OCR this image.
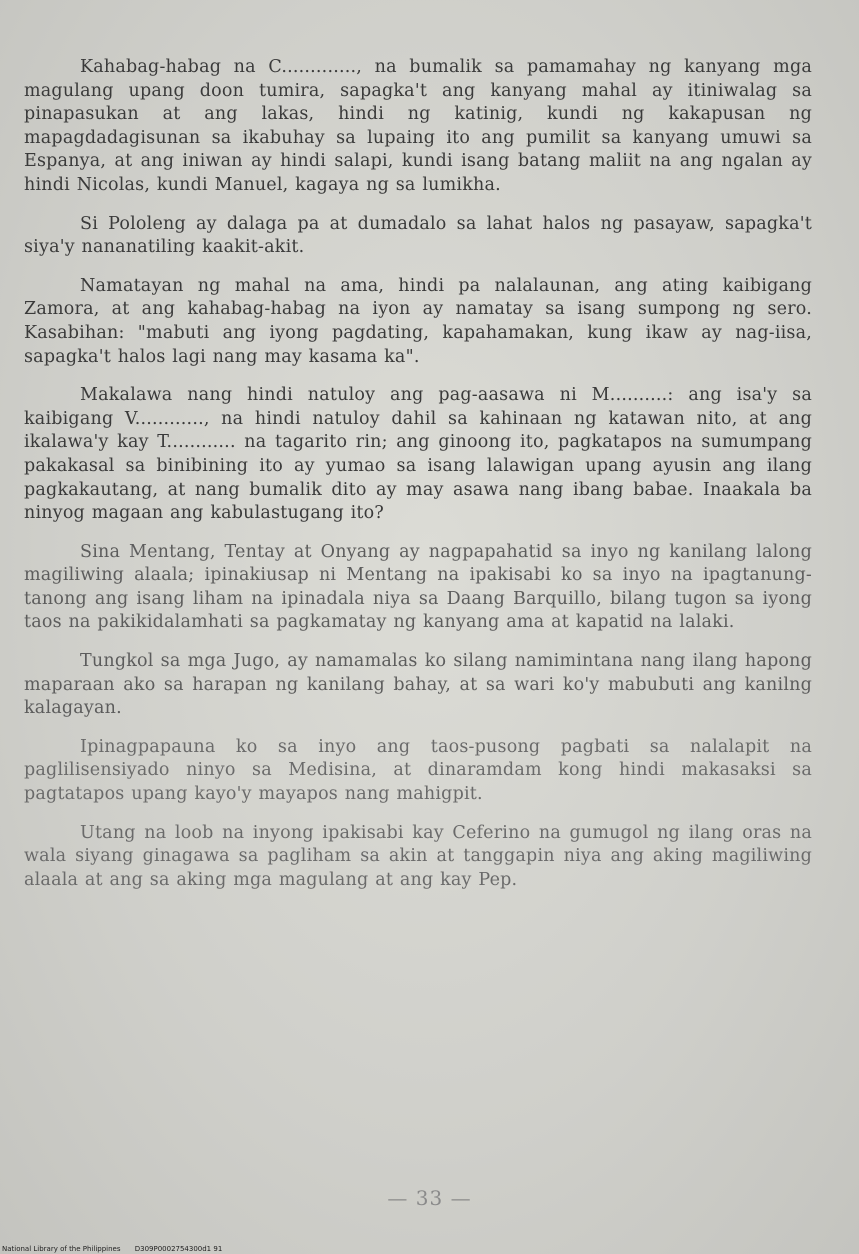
Kahabag-habag na C............., na bumalik sa pamamahay ng kanyang mga magulang upang doon tumira, sapagka't ang kanyang mahal ay itiniwalag sa pinapasukan at ang lakas, hindi ng katinig, kundi ng kakapusan ng mapagdadagisunan sa ikabuhay sa lupaing ito ang pumilit sa kanyang umuwi sa Espanya, at ang iniwan ay hindi salapi, kundi isang batang maliit na ang ngalan ay hindi Nicolas, kundi Manuel, kagaya ng sa lumikha.

Si Pololeng ay dalaga pa at dumadalo sa lahat halos ng pasayaw, sapagka't siya'y nananatiling kaakit-akit.

Namatayan ng mahal na ama, hindi pa nalalaunan, ang ating kaibigang Zamora, at ang kahabag-habag na iyon ay namatay sa isang sumpong ng sero. Kasabihan: "mabuti ang iyong pagdating, kapahamakan, kung ikaw ay nag-iisa, sapagka't halos lagi nang may kasama ka".

Makalawa nang hindi natuloy ang pag-aasawa ni M..........: ang isa'y sa kaibigang V............, na hindi natuloy dahil sa kahinaan ng katawan nito, at ang ikalawa'y kay T............ na tagarito rin; ang ginoong ito, pagkatapos na sumumpang pakakasal sa binibining ito ay yumao sa isang lalawigan upang ayusin ang ilang pagkakautang, at nang bumalik dito ay may asawa nang ibang babae. Inaakala ba ninyog magaan ang kabulastugang ito?

Sina Mentang, Tentay at Onyang ay nagpapahatid sa inyo ng kanilang lalong magiliwing alaala; ipinakiusap ni Mentang na ipakisabi ko sa inyo na ipagtanung-tanong ang isang liham na ipinadala niya sa Daang Barquillo, bilang tugon sa iyong taos na pakikidalamhati sa pagkamatay ng kanyang ama at kapatid na lalaki.

Tungkol sa mga Jugo, ay namamalas ko silang namimintana nang ilang hapong maparaan ako sa harapan ng kanilang bahay, at sa wari ko'y mabubuti ang kanilng kalagayan.

Ipinagpapauna ko sa inyo ang taos-pusong pagbati sa nalalapit na paglilisensiyado ninyo sa Medisina, at dinaramdam kong hindi makasaksi sa pagtatapos upang kayo'y mayapos nang mahigpit.

Utang na loob na inyong ipakisabi kay Ceferino na gumugol ng ilang oras na wala siyang ginagawa sa pagliham sa akin at tanggapin niya ang aking magiliwing alaala at ang sa aking mga magulang at ang kay Pep.

— 33 —
National Library of the Philippines D309P0002754300d1 91
